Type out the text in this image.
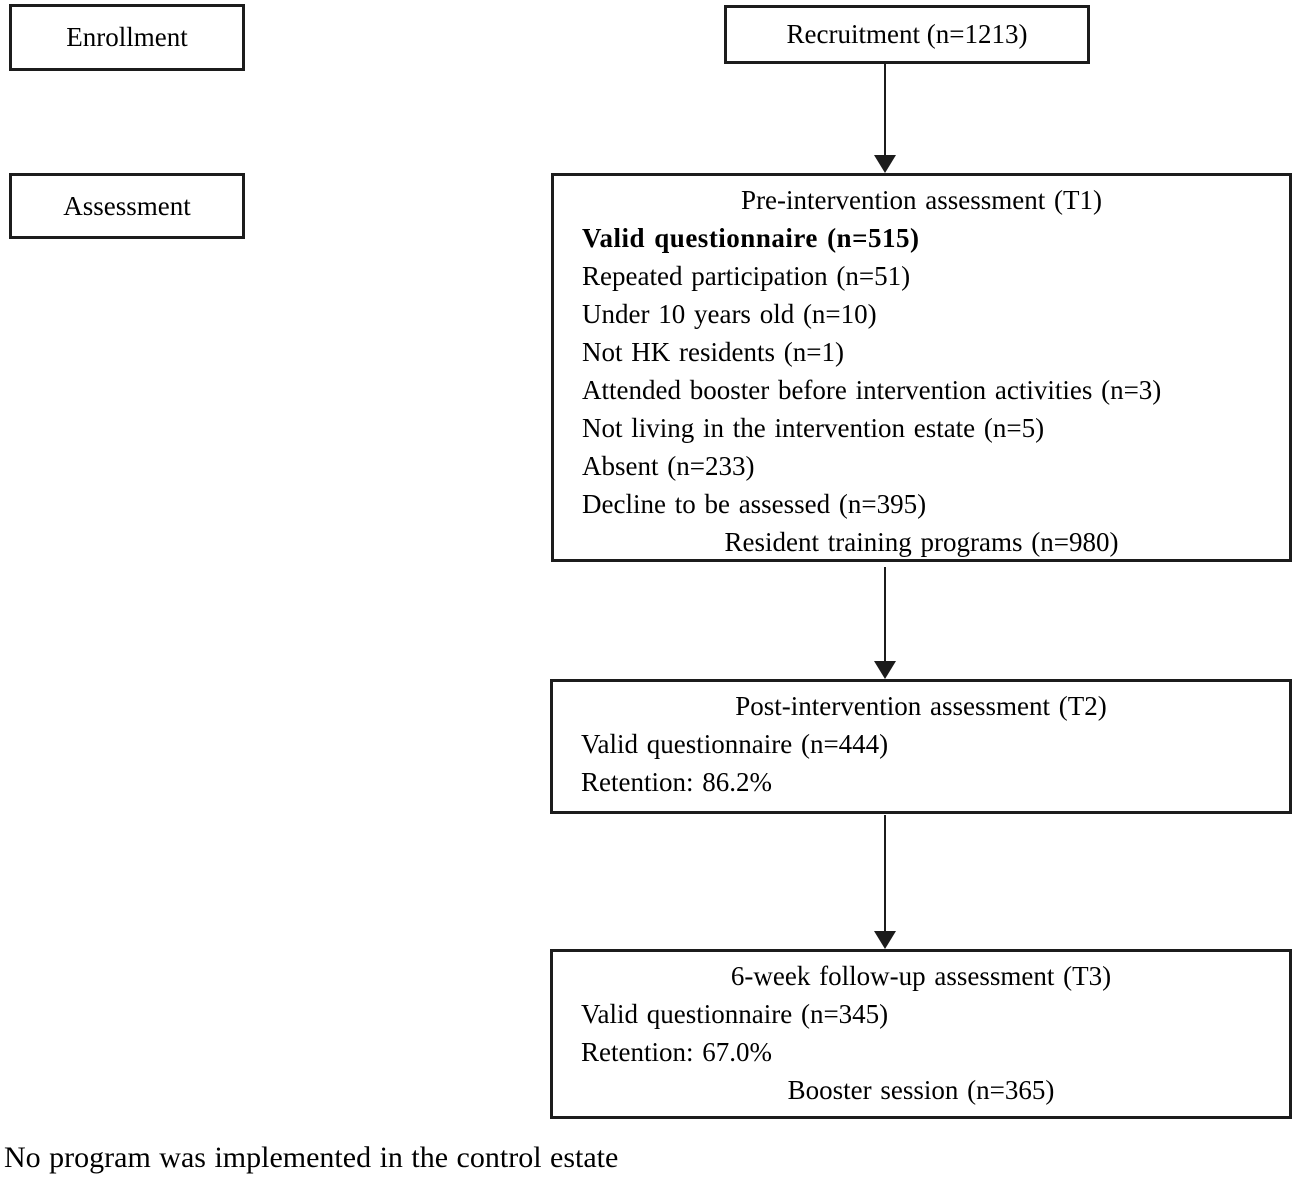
Enrollment
Assessment
Recruitment (n=1213)
Pre-intervention assessment (T1)
Valid questionnaire (n=515)
Repeated participation (n=51)
Under 10 years old (n=10)
Not HK residents (n=1)
Attended booster before intervention activities (n=3)
Not living in the intervention estate (n=5)
Absent (n=233)
Decline to be assessed (n=395)
Resident training programs (n=980)
Post-intervention assessment (T2)
Valid questionnaire (n=444)
Retention: 86.2%
6-week follow-up assessment (T3)
Valid questionnaire (n=345)
Retention: 67.0%
Booster session (n=365)
No program was implemented in the control estate
